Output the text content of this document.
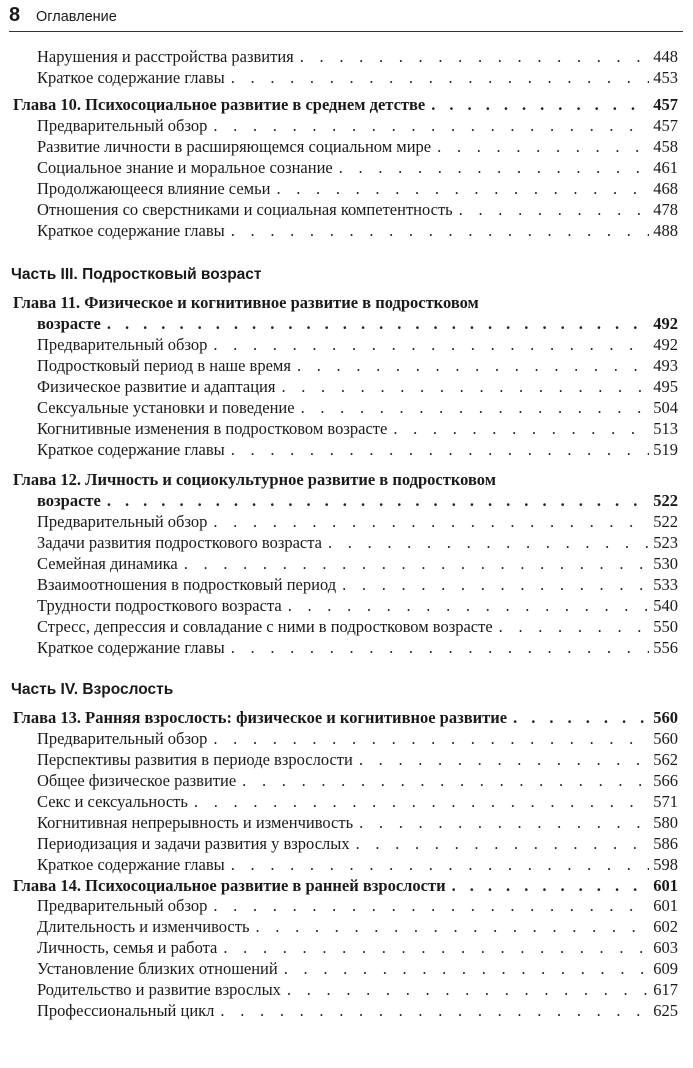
8 Оглавление
Нарушения и расстройства развития . . .	448
Краткое содержание главы . . .	453
Глава 10. Психосоциальное развитие в среднем детстве . . .	457
Предварительный обзор . . .	457
Развитие личности в расширяющемся социальном мире . . .	458
Социальное знание и моральное сознание . . .	461
Продолжающееся влияние семьи . . .	468
Отношения со сверстниками и социальная компетентность . . .	478
Краткое содержание главы . . .	488
Часть III. Подростковый возраст
Глава 11. Физическое и когнитивное развитие в подростковом
возрасте . . .	492
Предварительный обзор . . .	492
Подростковый период в наше время . . .	493
Физическое развитие и адаптация . . .	495
Сексуальные установки и поведение . . .	504
Когнитивные изменения в подростковом возрасте . . .	513
Краткое содержание главы . . .	519
Глава 12. Личность и социокультурное развитие в подростковом
возрасте . . .	522
Предварительный обзор . . .	522
Задачи развития подросткового возраста . . .	523
Семейная динамика . . .	530
Взаимоотношения в подростковый период . . .	533
Трудности подросткового возраста . . .	540
Стресс, депрессия и совладание с ними в подростковом возрасте . . .	550
Краткое содержание главы . . .	556
Часть IV. Взрослость
Глава 13. Ранняя взрослость: физическое и когнитивное развитие . . .	560
Предварительный обзор . . .	560
Перспективы развития в периоде взрослости . . .	562
Общее физическое развитие . . .	566
Секс и сексуальность . . .	571
Когнитивная непрерывность и изменчивость . . .	580
Периодизация и задачи развития у взрослых . . .	586
Краткое содержание главы . . .	598
Глава 14. Психосоциальное развитие в ранней взрослости . . .	601
Предварительный обзор . . .	601
Длительность и изменчивость . . .	602
Личность, семья и работа . . .	603
Установление близких отношений . . .	609
Родительство и развитие взрослых . . .	617
Профессиональный цикл . . .	625
